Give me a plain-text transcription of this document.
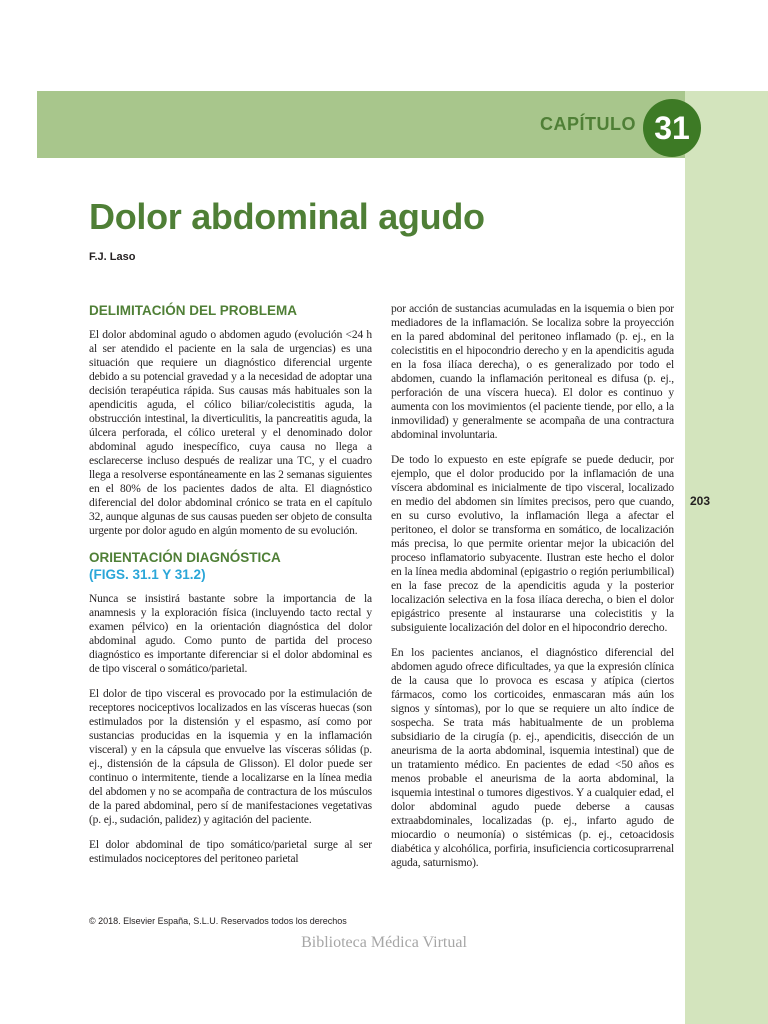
CAPÍTULO 31
Dolor abdominal agudo
F.J. Laso
203
DELIMITACIÓN DEL PROBLEMA

El dolor abdominal agudo o abdomen agudo (evolución <24 h al ser atendido el paciente en la sala de urgencias) es una situación que requiere un diagnóstico diferencial urgente debido a su potencial gravedad y a la necesidad de adoptar una decisión terapéutica rápida. Sus causas más habituales son la apendicitis aguda, el cólico biliar/colecistitis aguda, la obstrucción intestinal, la diverticulitis, la pancreatitis aguda, la úlcera perforada, el cólico ureteral y el denominado dolor abdominal agudo inespecífico, cuya causa no llega a esclarecerse incluso después de realizar una TC, y el cuadro llega a resolverse espontáneamente en las 2 semanas siguientes en el 80% de los pacientes dados de alta. El diagnóstico diferencial del dolor abdominal crónico se trata en el capítulo 32, aunque algunas de sus causas pueden ser objeto de consulta urgente por dolor agudo en algún momento de su evolución.

ORIENTACIÓN DIAGNÓSTICA
(FIGS. 31.1 Y 31.2)

Nunca se insistirá bastante sobre la importancia de la anamnesis y la exploración física (incluyendo tacto rectal y examen pélvico) en la orientación diagnóstica del dolor abdominal agudo. Como punto de partida del proceso diagnóstico es importante diferenciar si el dolor abdominal es de tipo visceral o somático/parietal.

El dolor de tipo visceral es provocado por la estimulación de receptores nociceptivos localizados en las vísceras huecas (son estimulados por la distensión y el espasmo, así como por sustancias producidas en la isquemia y en la inflamación visceral) y en la cápsula que envuelve las vísceras sólidas (p. ej., distensión de la cápsula de Glisson). El dolor puede ser continuo o intermitente, tiende a localizarse en la línea media del abdomen y no se acompaña de contractura de los músculos de la pared abdominal, pero sí de manifestaciones vegetativas (p. ej., sudación, palidez) y agitación del paciente.

El dolor abdominal de tipo somático/parietal surge al ser estimulados nociceptores del peritoneo parietal

por acción de sustancias acumuladas en la isquemia o bien por mediadores de la inflamación. Se localiza sobre la proyección en la pared abdominal del peritoneo inflamado (p. ej., en la colecistitis en el hipocondrio derecho y en la apendicitis aguda en la fosa ilíaca derecha), o es generalizado por todo el abdomen, cuando la inflamación peritoneal es difusa (p. ej., perforación de una víscera hueca). El dolor es continuo y aumenta con los movimientos (el paciente tiende, por ello, a la inmovilidad) y generalmente se acompaña de una contractura abdominal involuntaria.

De todo lo expuesto en este epígrafe se puede deducir, por ejemplo, que el dolor producido por la inflamación de una víscera abdominal es inicialmente de tipo visceral, localizado en medio del abdomen sin límites precisos, pero que cuando, en su curso evolutivo, la inflamación llega a afectar el peritoneo, el dolor se transforma en somático, de localización más precisa, lo que permite orientar mejor la ubicación del proceso inflamatorio subyacente. Ilustran este hecho el dolor en la línea media abdominal (epigastrio o región periumbilical) en la fase precoz de la apendicitis aguda y la posterior localización selectiva en la fosa ilíaca derecha, o bien el dolor epigástrico presente al instaurarse una colecistitis y la subsiguiente localización del dolor en el hipocondrio derecho.

En los pacientes ancianos, el diagnóstico diferencial del abdomen agudo ofrece dificultades, ya que la expresión clínica de la causa que lo provoca es escasa y atípica (ciertos fármacos, como los corticoides, enmascaran más aún los signos y síntomas), por lo que se requiere un alto índice de sospecha. Se trata más habitualmente de un problema subsidiario de la cirugía (p. ej., apendicitis, disección de un aneurisma de la aorta abdominal, isquemia intestinal) que de un tratamiento médico. En pacientes de edad <50 años es menos probable el aneurisma de la aorta abdominal, la isquemia intestinal o tumores digestivos. Y a cualquier edad, el dolor abdominal agudo puede deberse a causas extraabdominales, localizadas (p. ej., infarto agudo de miocardio o neumonía) o sistémicas (p. ej., cetoacidosis diabética y alcohólica, porfiria, insuficiencia corticosuprarrenal aguda, saturnismo).

© 2018. Elsevier España, S.L.U. Reservados todos los derechos
Biblioteca Médica Virtual
